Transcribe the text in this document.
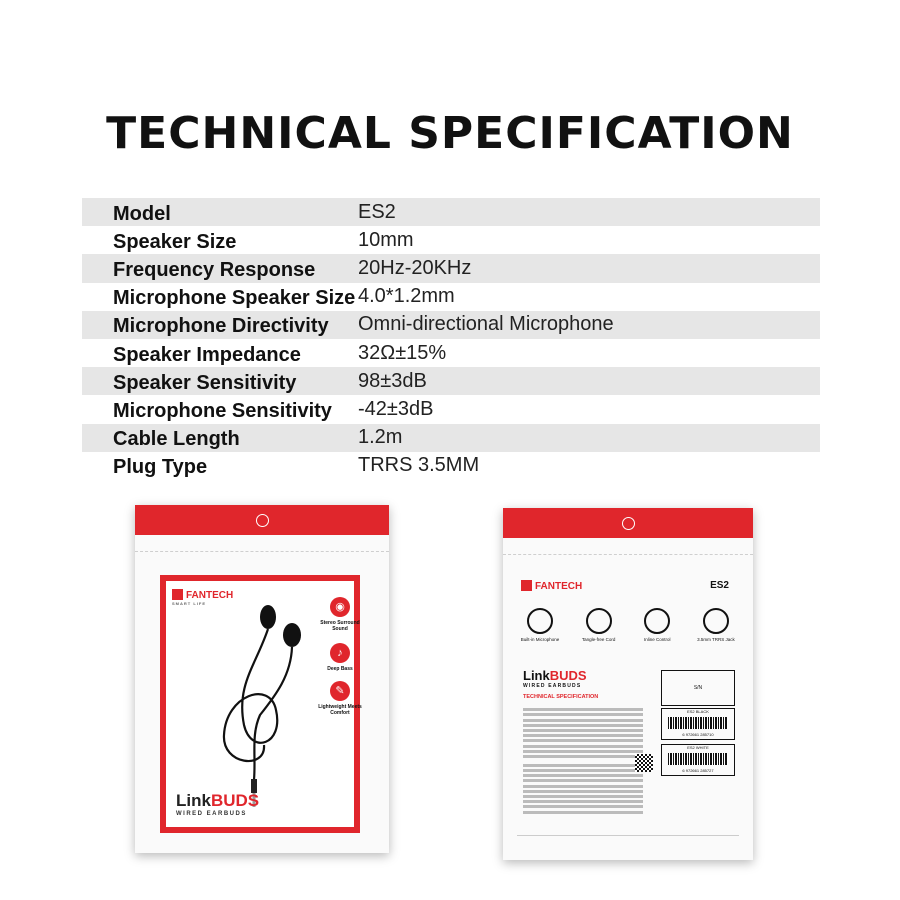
TECHNICAL SPECIFICATION
Model	ES2
Speaker Size	10mm
Frequency Response	20Hz-20KHz
Microphone Speaker Size 4.0*1.2mm
Microphone Directivity	Omni-directional Microphone
Speaker Impedance	32Ω±15%
Speaker Sensitivity	98±3dB
Microphone Sensitivity	-42±3dB
Cable Length	1.2m
Plug Type	TRRS 3.5MM
FANTECH
SMART LIFE	◉
Stereo Surround Sound
♪
Deep Bass
✎
Lightweight Meets Comfort
LinkBUDS
WIRED EARBUDS
FANTECH	ES2
Built-in Microphone	Tangle-free Cord	Inline Control	3.5mm TRRS Jack
LinkBUDS
WIRED EARBUDS
TECHNICAL SPECIFICATION
S/N
ES2 BLACK
6 972661 285710
ES2 WHITE
6 972661 285727
